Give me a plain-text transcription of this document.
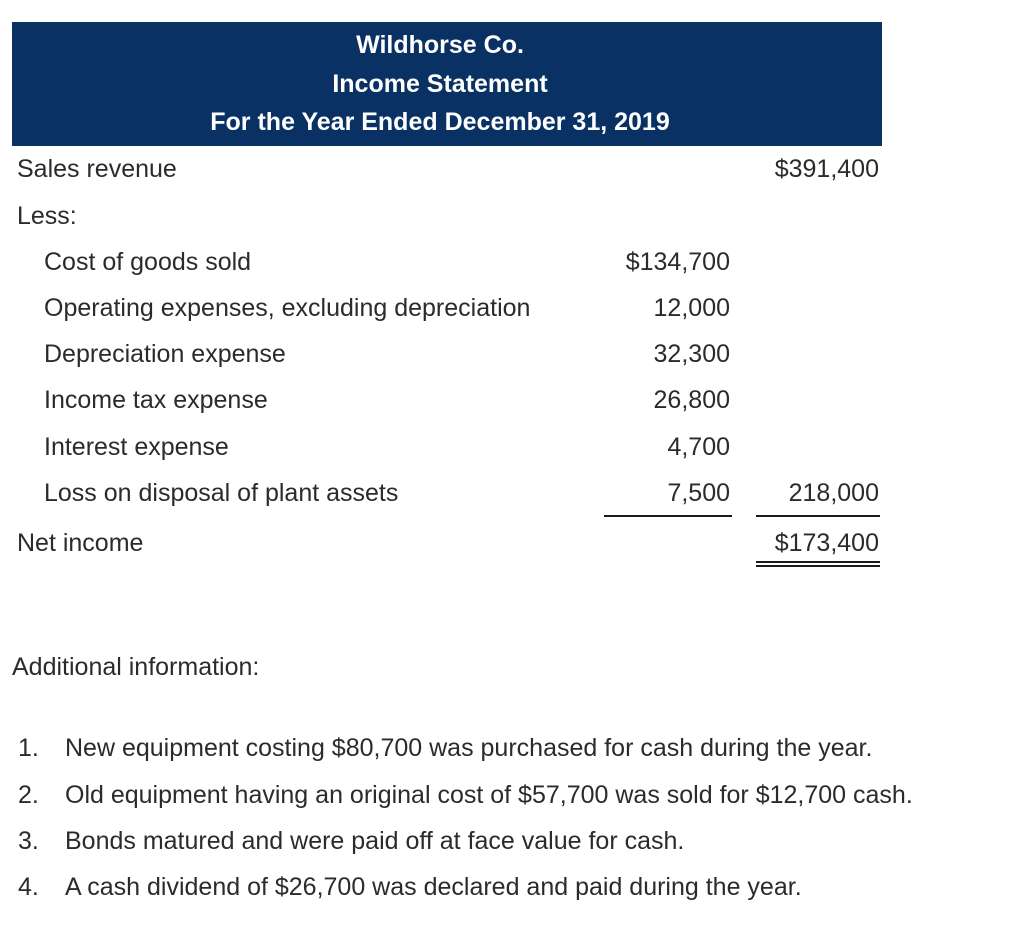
Wildhorse Co.
Income Statement
For the Year Ended December 31, 2019
Sales revenue	$391,400
Less:
Cost of goods sold	$134,700
Operating expenses, excluding depreciation	12,000
Depreciation expense	32,300
Income tax expense	26,800
Interest expense	4,700
Loss on disposal of plant assets	7,500 218,000
Net income	$173,400
Additional information:
1. New equipment costing $80,700 was purchased for cash during the year.
2. Old equipment having an original cost of $57,700 was sold for $12,700 cash.
3. Bonds matured and were paid off at face value for cash.
4. A cash dividend of $26,700 was declared and paid during the year.
